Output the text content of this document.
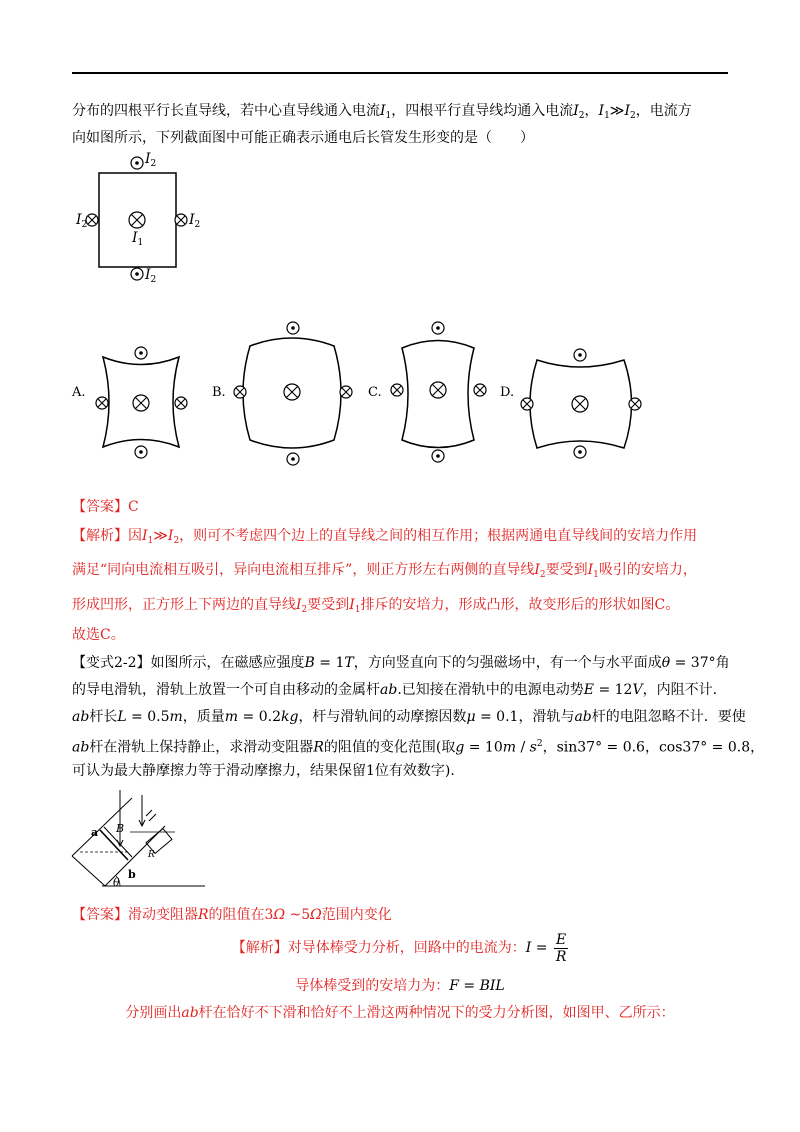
分布的四根平行长直导线，若中心直导线通入电流$I_1$，四根平行直导线均通入电流$I_2$，$I_1≫I_2$，电流方
向如图所示，下列截面图中可能正确表示通电后长管发生形变的是（　　）
$I_2$
$I_2$	$I_2$
$I_1$
$I_2$
A.	B.	C.	D.
【答案】C
【解析】因$I_1≫I_2$，则可不考虑四个边上的直导线之间的相互作用；根据两通电直导线间的安培力作用
满足“同向电流相互吸引，异向电流相互排斥”，则正方形左右两侧的直导线$I_2$要受到$I_1$吸引的安培力，
形成凹形，正方形上下两边的直导线$I_2$要受到$I_1$排斥的安培力，形成凸形，故变形后的形状如图C。
故选C。
【变式2-2】如图所示，在磁感应强度B = 1T，方向竖直向下的匀强磁场中，有一个与水平面成θ = 37°角
的导电滑轨，滑轨上放置一个可自由移动的金属杆ab.已知接在滑轨中的电源电动势E = 12V，内阻不计.
ab杆长L = 0.5m，质量m = 0.2kg，杆与滑轨间的动摩擦因数μ = 0.1，滑轨与ab杆的电阻忽略不计．要使
ab杆在滑轨上保持静止，求滑动变阻器R的阻值的变化范围(取$g = 10m / s^2$，sin37° = 0.6，cos37° = 0.8，
可认为最大静摩擦力等于滑动摩擦力，结果保留1位有效数字).
a
b
B
R
θ
【答案】滑动变阻器R的阻值在3Ω ~5Ω范围内变化
【解析】对导体棒受力分析，回路中的电流为：$I = \frac{E}{R}$
导体棒受到的安培力为：F = BIL
分别画出ab杆在恰好不下滑和恰好不上滑这两种情况下的受力分析图，如图甲、乙所示：
